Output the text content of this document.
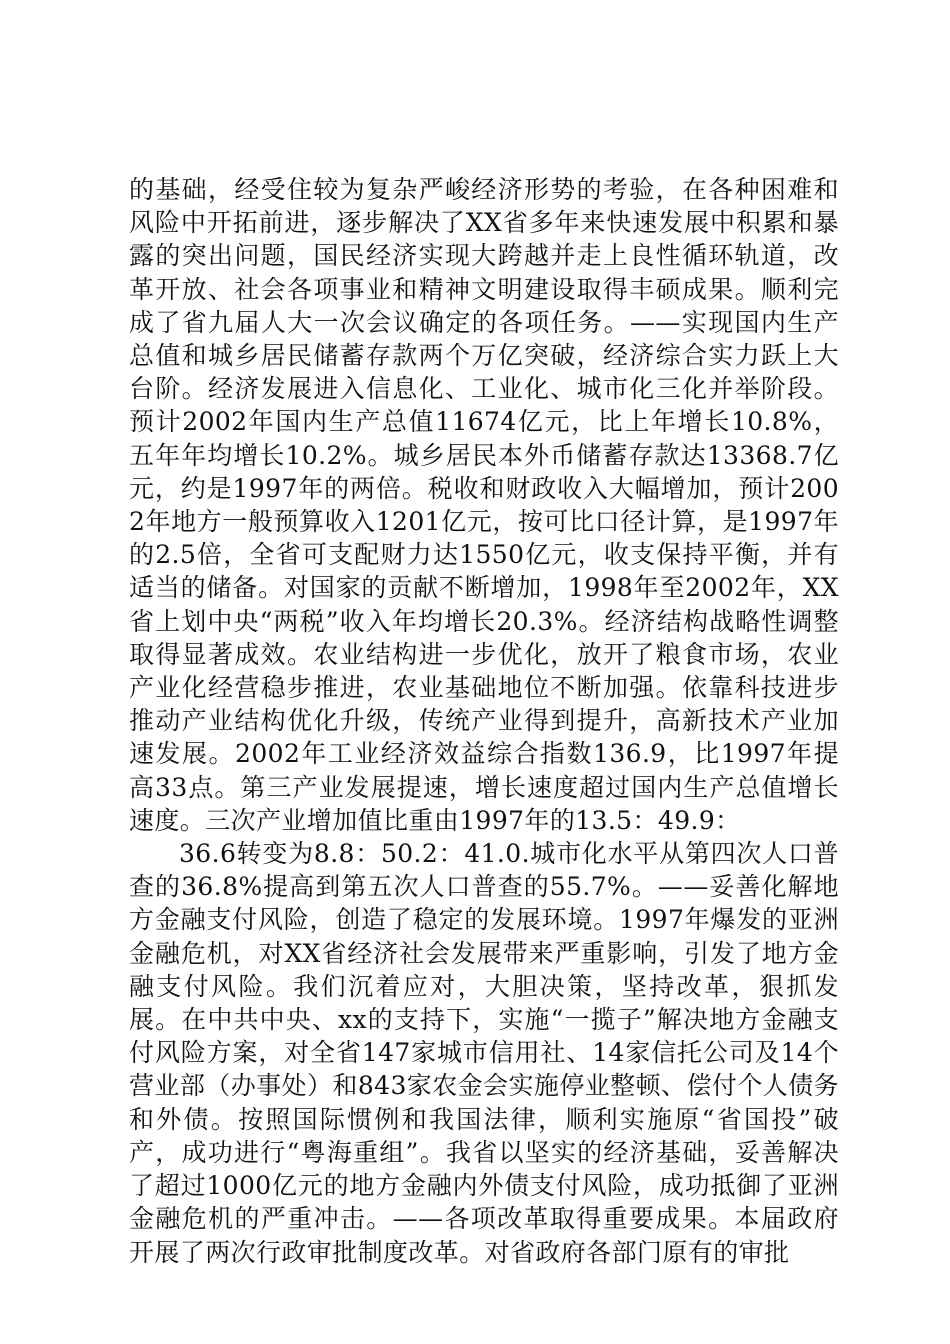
的基础，经受住较为复杂严峻经济形势的考验，在各种困难和风险中开拓前进，逐步解决了XX省多年来快速发展中积累和暴露的突出问题，国民经济实现大跨越并走上良性循环轨道，改革开放、社会各项事业和精神文明建设取得丰硕成果。顺利完成了省九届人大一次会议确定的各项任务。——实现国内生产总值和城乡居民储蓄存款两个万亿突破，经济综合实力跃上大台阶。经济发展进入信息化、工业化、城市化三化并举阶段。预计2002年国内生产总值11674亿元，比上年增长10.8%，五年年均增长10.2%。城乡居民本外币储蓄存款达13368.7亿元，约是1997年的两倍。税收和财政收入大幅增加，预计2002年地方一般预算收入1201亿元，按可比口径计算，是1997年的2.5倍，全省可支配财力达1550亿元，收支保持平衡，并有适当的储备。对国家的贡献不断增加，1998年至2002年，XX省上划中央“两税”收入年均增长20.3%。经济结构战略性调整取得显著成效。农业结构进一步优化，放开了粮食市场，农业产业化经营稳步推进，农业基础地位不断加强。依靠科技进步推动产业结构优化升级，传统产业得到提升，高新技术产业加速发展。2002年工业经济效益综合指数136.9，比1997年提高33点。第三产业发展提速，增长速度超过国内生产总值增长速度。三次产业增加值比重由1997年的13.5：49.9：

36.6转变为8.8：50.2：41.0.城市化水平从第四次人口普查的36.8%提高到第五次人口普查的55.7%。——妥善化解地方金融支付风险，创造了稳定的发展环境。1997年爆发的亚洲金融危机，对XX省经济社会发展带来严重影响，引发了地方金融支付风险。我们沉着应对，大胆决策，坚持改革，狠抓发展。在中共中央、xx的支持下，实施“一揽子”解决地方金融支付风险方案，对全省147家城市信用社、14家信托公司及14个营业部（办事处）和843家农金会实施停业整顿、偿付个人债务和外债。按照国际惯例和我国法律，顺利实施原“省国投”破产，成功进行“粤海重组”。我省以坚实的经济基础，妥善解决了超过1000亿元的地方金融内外债支付风险，成功抵御了亚洲金融危机的严重冲击。——各项改革取得重要成果。本届政府开展了两次行政审批制度改革。对省政府各部门原有的审批
